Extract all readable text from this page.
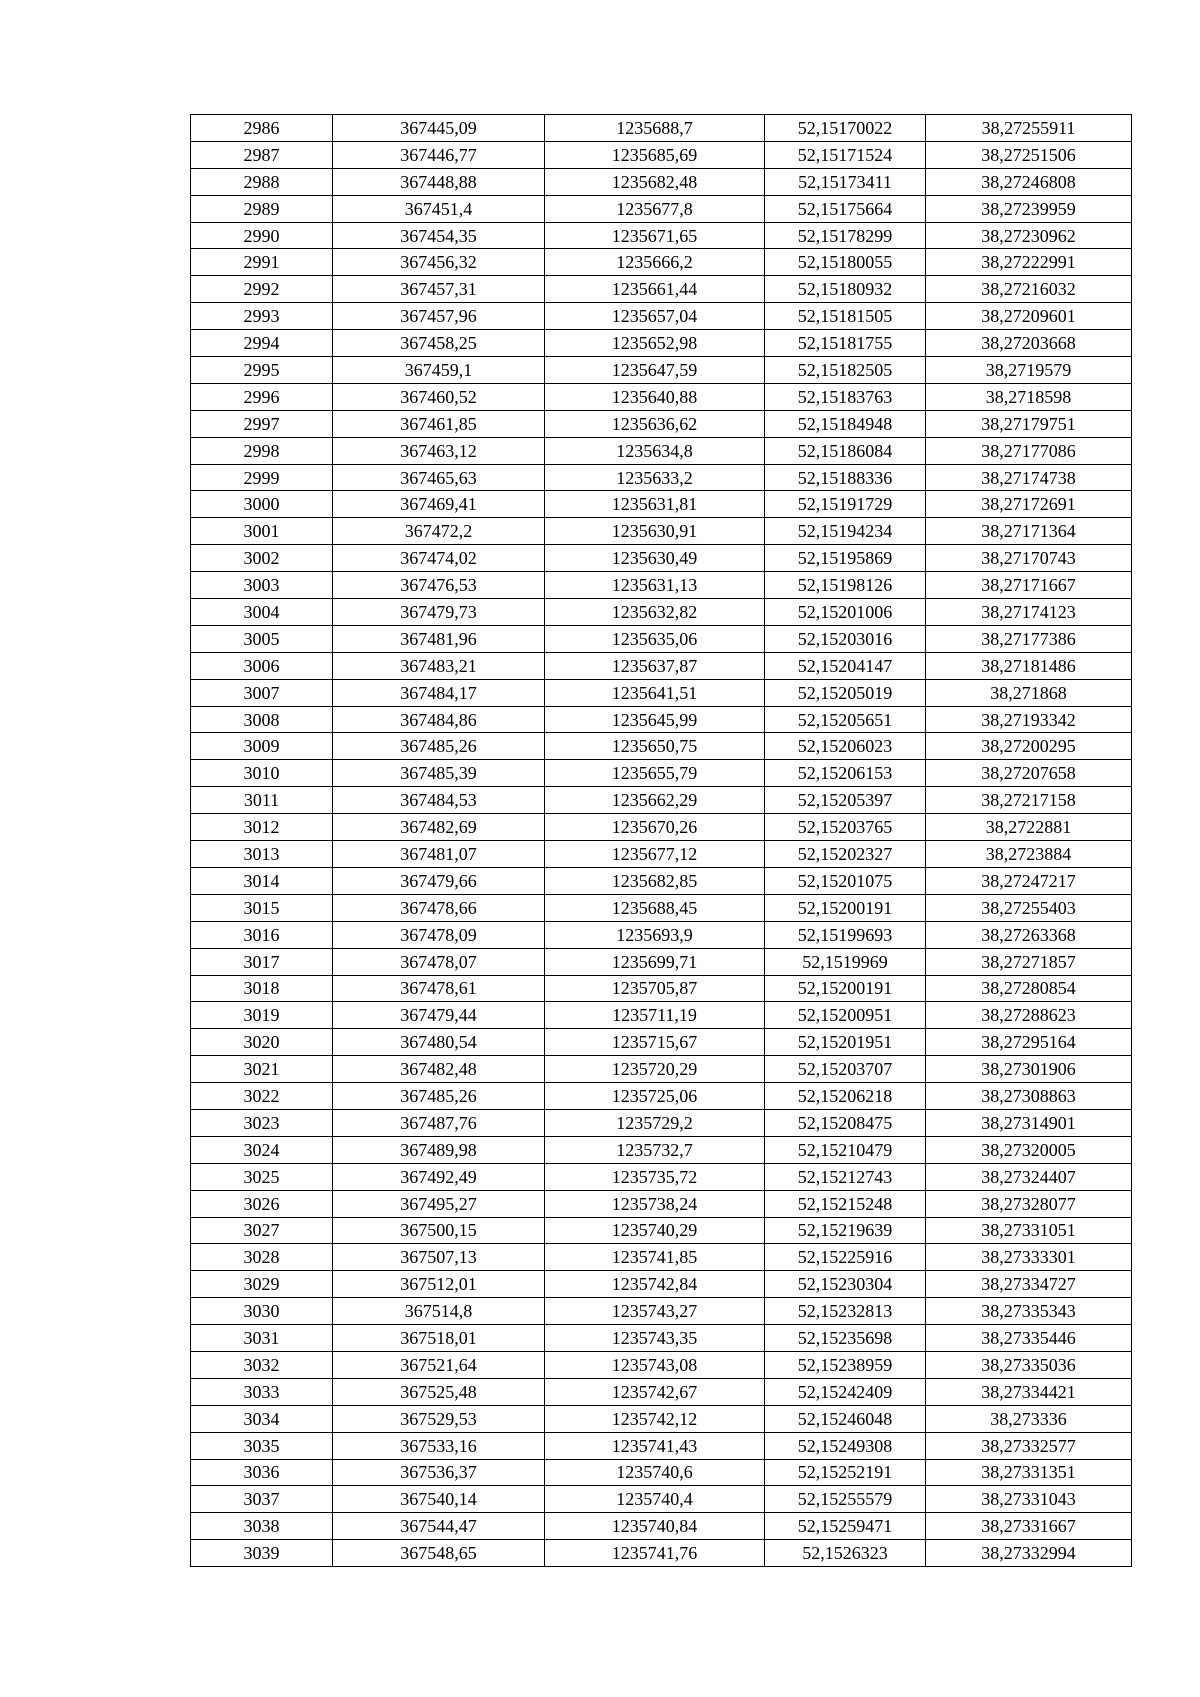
2986	367445,09	1235688,7	52,15170022	38,27255911
2987	367446,77	1235685,69	52,15171524	38,27251506
2988	367448,88	1235682,48	52,15173411	38,27246808
2989	367451,4	1235677,8	52,15175664	38,27239959
2990	367454,35	1235671,65	52,15178299	38,27230962
2991	367456,32	1235666,2	52,15180055	38,27222991
2992	367457,31	1235661,44	52,15180932	38,27216032
2993	367457,96	1235657,04	52,15181505	38,27209601
2994	367458,25	1235652,98	52,15181755	38,27203668
2995	367459,1	1235647,59	52,15182505	38,2719579
2996	367460,52	1235640,88	52,15183763	38,2718598
2997	367461,85	1235636,62	52,15184948	38,27179751
2998	367463,12	1235634,8	52,15186084	38,27177086
2999	367465,63	1235633,2	52,15188336	38,27174738
3000	367469,41	1235631,81	52,15191729	38,27172691
3001	367472,2	1235630,91	52,15194234	38,27171364
3002	367474,02	1235630,49	52,15195869	38,27170743
3003	367476,53	1235631,13	52,15198126	38,27171667
3004	367479,73	1235632,82	52,15201006	38,27174123
3005	367481,96	1235635,06	52,15203016	38,27177386
3006	367483,21	1235637,87	52,15204147	38,27181486
3007	367484,17	1235641,51	52,15205019	38,271868
3008	367484,86	1235645,99	52,15205651	38,27193342
3009	367485,26	1235650,75	52,15206023	38,27200295
3010	367485,39	1235655,79	52,15206153	38,27207658
3011	367484,53	1235662,29	52,15205397	38,27217158
3012	367482,69	1235670,26	52,15203765	38,2722881
3013	367481,07	1235677,12	52,15202327	38,2723884
3014	367479,66	1235682,85	52,15201075	38,27247217
3015	367478,66	1235688,45	52,15200191	38,27255403
3016	367478,09	1235693,9	52,15199693	38,27263368
3017	367478,07	1235699,71	52,1519969	38,27271857
3018	367478,61	1235705,87	52,15200191	38,27280854
3019	367479,44	1235711,19	52,15200951	38,27288623
3020	367480,54	1235715,67	52,15201951	38,27295164
3021	367482,48	1235720,29	52,15203707	38,27301906
3022	367485,26	1235725,06	52,15206218	38,27308863
3023	367487,76	1235729,2	52,15208475	38,27314901
3024	367489,98	1235732,7	52,15210479	38,27320005
3025	367492,49	1235735,72	52,15212743	38,27324407
3026	367495,27	1235738,24	52,15215248	38,27328077
3027	367500,15	1235740,29	52,15219639	38,27331051
3028	367507,13	1235741,85	52,15225916	38,27333301
3029	367512,01	1235742,84	52,15230304	38,27334727
3030	367514,8	1235743,27	52,15232813	38,27335343
3031	367518,01	1235743,35	52,15235698	38,27335446
3032	367521,64	1235743,08	52,15238959	38,27335036
3033	367525,48	1235742,67	52,15242409	38,27334421
3034	367529,53	1235742,12	52,15246048	38,273336
3035	367533,16	1235741,43	52,15249308	38,27332577
3036	367536,37	1235740,6	52,15252191	38,27331351
3037	367540,14	1235740,4	52,15255579	38,27331043
3038	367544,47	1235740,84	52,15259471	38,27331667
3039	367548,65	1235741,76	52,1526323	38,27332994
